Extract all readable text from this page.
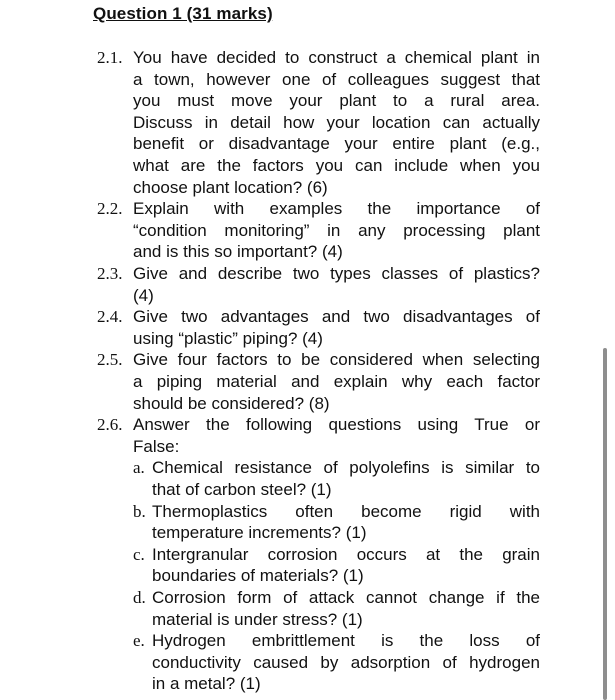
Question 1 (31 marks)
2.1. You have decided to construct a chemical plant in
a town, however one of colleagues suggest that
you must move your plant to a rural area.
Discuss in detail how your location can actually
benefit or disadvantage your entire plant (e.g.,
what are the factors you can include when you
choose plant location? (6)
2.2. Explain with examples the importance of
“condition monitoring” in any processing plant
and is this so important? (4)
2.3. Give and describe two types classes of plastics?
(4)
2.4. Give two advantages and two disadvantages of
using “plastic” piping? (4)
2.5. Give four factors to be considered when selecting
a piping material and explain why each factor
should be considered? (8)
2.6. Answer the following questions using True or
False:
a. Chemical resistance of polyolefins is similar to
that of carbon steel? (1)
b. Thermoplastics often become rigid with
temperature increments? (1)
c. Intergranular corrosion occurs at the grain
boundaries of materials? (1)
d. Corrosion form of attack cannot change if the
material is under stress? (1)
e. Hydrogen embrittlement is the loss of
conductivity caused by adsorption of hydrogen
in a metal? (1)
